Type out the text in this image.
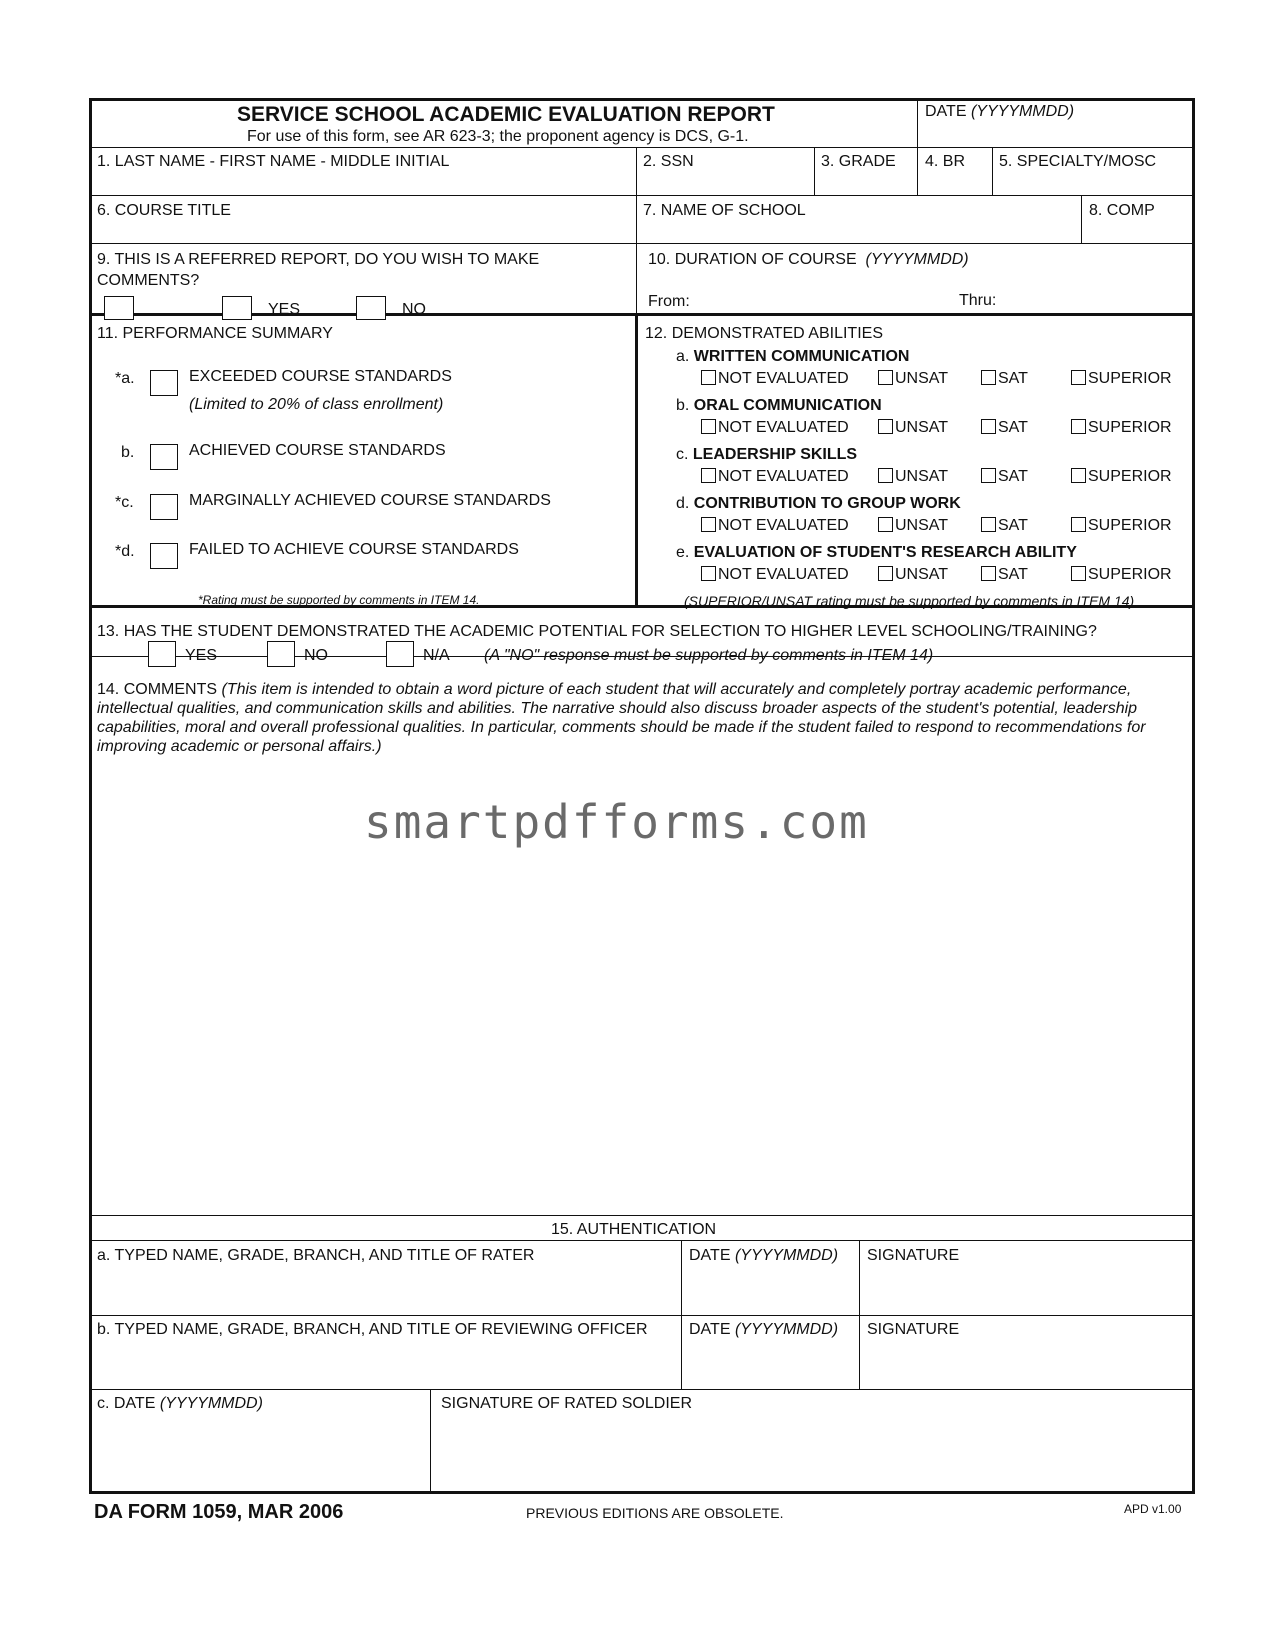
SERVICE SCHOOL ACADEMIC EVALUATION REPORT
For use of this form, see AR 623-3; the proponent agency is DCS, G-1.
DATE (YYYYMMDD)
1. LAST NAME - FIRST NAME - MIDDLE INITIAL	2. SSN	3. GRADE 4. BR 5. SPECIALTY/MOSC
6. COURSE TITLE	7. NAME OF SCHOOL	8. COMP
9. THIS IS A REFERRED REPORT, DO YOU WISH TO MAKE
COMMENTS?
YES	NO
10. DURATION OF COURSE (YYYYMMDD)
From:	Thru:
11. PERFORMANCE SUMMARY
*a.	EXCEEDED COURSE STANDARDS
(Limited to 20% of class enrollment)
b.	ACHIEVED COURSE STANDARDS
*c.	MARGINALLY ACHIEVED COURSE STANDARDS
*d.	FAILED TO ACHIEVE COURSE STANDARDS
*Rating must be supported by comments in ITEM 14.
12. DEMONSTRATED ABILITIES
a. WRITTEN COMMUNICATION
NOT EVALUATED	UNSAT	SAT	SUPERIOR
b. ORAL COMMUNICATION
NOT EVALUATED	UNSAT	SAT	SUPERIOR
c. LEADERSHIP SKILLS
NOT EVALUATED	UNSAT	SAT	SUPERIOR
d. CONTRIBUTION TO GROUP WORK
NOT EVALUATED	UNSAT	SAT	SUPERIOR
e. EVALUATION OF STUDENT'S RESEARCH ABILITY
NOT EVALUATED	UNSAT	SAT	SUPERIOR
(SUPERIOR/UNSAT rating must be supported by comments in ITEM 14)
13. HAS THE STUDENT DEMONSTRATED THE ACADEMIC POTENTIAL FOR SELECTION TO HIGHER LEVEL SCHOOLING/TRAINING?
YES	NO	N/A (A "NO" response must be supported by comments in ITEM 14)
14. COMMENTS (This item is intended to obtain a word picture of each student that will accurately and completely portray academic performance, intellectual qualities, and communication skills and abilities. The narrative should also discuss broader aspects of the student's potential, leadership capabilities, moral and overall professional qualities. In particular, comments should be made if the student failed to respond to recommendations for improving academic or personal affairs.)
smartpdfforms.com
15. AUTHENTICATION
a. TYPED NAME, GRADE, BRANCH, AND TITLE OF RATER	DATE (YYYYMMDD) SIGNATURE
b. TYPED NAME, GRADE, BRANCH, AND TITLE OF REVIEWING OFFICER	DATE (YYYYMMDD) SIGNATURE
c. DATE (YYYYMMDD)	SIGNATURE OF RATED SOLDIER
DA FORM 1059, MAR 2006	PREVIOUS EDITIONS ARE OBSOLETE.	APD v1.00
